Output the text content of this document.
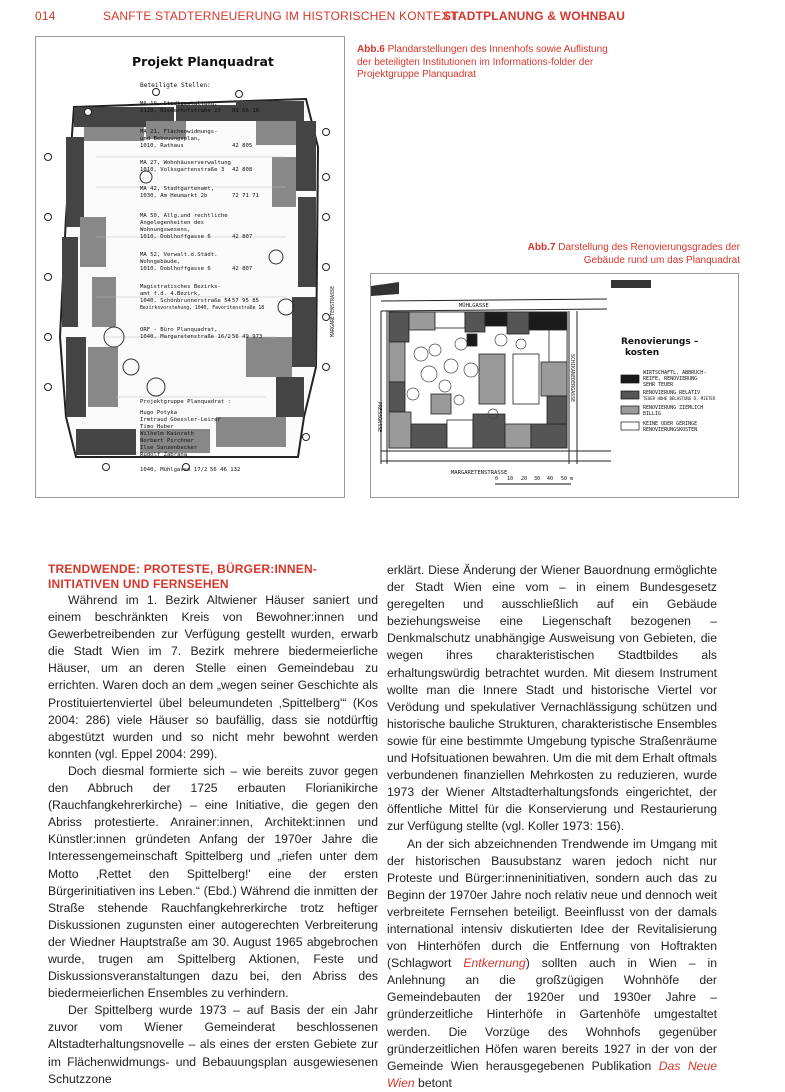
014	SANFTE STADTERNEUERUNG IM HISTORISCHEN KONTEXT
STADTPLANUNG & WOHNBAU
Projekt Planquadrat
Beteiligte Stellen:
MA 19, Stadtgestaltung,
1120, Niederhofstraße 23 83 66 16
MA 21, Flächenwidmungs-
und Bebauungsplan,
1010, Rathaus	42 805
MA 27, Wohnhäuserverwaltung
1010, Volksgartenstraße 3 42 808
MA 42, Stadtgartenamt,
1030, Am Heumarkt 2b	72 71 71
MA 50, Allg.und rechtliche
Angelegenheiten des
Wohnungswesens,
1010, Doblhoffgasse 6	42 807
MA 52, Verwalt.d.Städt.
Wohngebäude,
1010, Doblhoffgasse 6	42 807
Magistratisches Bezirks-
amt f.d. 4.Bezirk,
1040, Schönbrunnerstraße 54 57 95 85
Bezirksvorstehung, 1040, Favoritenstraße 18
ORF - Büro Planquadrat,
1040, Margaretenstraße 16/2 56 49 973
Projektgruppe Planquadrat :
Hugo Potyka
Irmtraud Göessler-Leirer
Timo Huber
Wilhelm Kainrath
Norbert Pirchner
Ilse Sanzenbecker
Rudolf Zabrana
1040, Mühlgasse 17/2 56 46 132
MARGARETENSTRASSE
Abb.6 Plandarstellungen des Innenhofs sowie Auflistung der beteiligten Institutionen im Informations-folder der Projektgruppe Planquadrat
Abb.7 Darstellung des Renovierungsgrades der Gebäude rund um das Planquadrat
MÜHLGASSE
MARGARETENSTRASSE
PRESSGASSE
SCHIKANEDERGASSE
0 10 20 30 40 50 m
Renovierungs –
kosten
WIRTSCHAFTL. ABBRUCH-
REIFE, RENOVIERUNG
SEHR TEUER
RENOVIERUNG RELATIV
TEUER HOHE BELASTUNG D. MIETER
RENOVIERUNG ZIEMLICH
BILLIG
KEINE ODER GERINGE
RENOVIERUNGSKOSTEN
TRENDWENDE: PROTESTE, BÜRGER:INNEN-INITIATIVEN UND FERNSEHEN

Während im 1. Bezirk Altwiener Häuser saniert und einem beschränkten Kreis von Bewohner:innen und Gewerbetreibenden zur Verfügung gestellt wurden, erwarb die Stadt Wien im 7. Bezirk mehrere biedermeierliche Häuser, um an deren Stelle einen Gemeindebau zu errichten. Waren doch an dem „wegen seiner Geschichte als Prostituiertenviertel übel beleumundeten ‚Spittelberg'“ (Kos 2004: 286) viele Häuser so baufällig, dass sie notdürftig abgestützt wurden und so nicht mehr bewohnt werden konnten (vgl. Eppel 2004: 299).

Doch diesmal formierte sich – wie bereits zuvor gegen den Abbruch der 1725 erbauten Florianikirche (Rauchfangkehrerkirche) – eine Initiative, die gegen den Abriss protestierte. Anrainer:innen, Architekt:innen und Künstler:innen gründeten Anfang der 1970er Jahre die Interessengemeinschaft Spittelberg und „riefen unter dem Motto ‚Rettet den Spittelberg!' eine der ersten Bürgerinitiativen ins Leben.“ (Ebd.) Während die inmitten der Straße stehende Rauchfangkehrerkirche trotz heftiger Diskussionen zugunsten einer autogerechten Verbreiterung der Wiedner Hauptstraße am 30. August 1965 abgebrochen wurde, trugen am Spittelberg Aktionen, Feste und Diskussionsveranstaltungen dazu bei, den Abriss des biedermeierlichen Ensembles zu verhindern.

Der Spittelberg wurde 1973 – auf Basis der ein Jahr zuvor vom Wiener Gemeinderat beschlossenen Altstadterhaltungsnovelle – als eines der ersten Gebiete zur im Flächenwidmungs- und Bebauungsplan ausgewiesenen Schutzzone

erklärt. Diese Änderung der Wiener Bauordnung ermöglichte der Stadt Wien eine vom – in einem Bundesgesetz geregelten und ausschließlich auf ein Gebäude beziehungsweise eine Liegenschaft bezogenen – Denkmalschutz unabhängige Ausweisung von Gebieten, die wegen ihres charakteristischen Stadtbildes als erhaltungswürdig betrachtet wurden. Mit diesem Instrument wollte man die Innere Stadt und historische Viertel vor Verödung und spekulativer Vernachlässigung schützen und historische bauliche Strukturen, charakteristische Ensembles sowie für eine bestimmte Umgebung typische Straßenräume und Hofsituationen bewahren. Um die mit dem Erhalt oftmals verbundenen finanziellen Mehrkosten zu reduzieren, wurde 1973 der Wiener Altstadterhaltungsfonds eingerichtet, der öffentliche Mittel für die Konservierung und Restaurierung zur Verfügung stellte (vgl. Koller 1973: 156).

An der sich abzeichnenden Trendwende im Umgang mit der historischen Bausubstanz waren jedoch nicht nur Proteste und Bürger:inneninitiativen, sondern auch das zu Beginn der 1970er Jahre noch relativ neue und dennoch weit verbreitete Fernsehen beteiligt. Beeinflusst von der damals international intensiv diskutierten Idee der Revitalisierung von Hinterhöfen durch die Entfernung von Hoftrakten (Schlagwort Entkernung) sollten auch in Wien – in Anlehnung an die großzügigen Wohnhöfe der Gemeindebauten der 1920er und 1930er Jahre – gründerzeitliche Hinterhöfe in Gartenhöfe umgestaltet werden. Die Vorzüge des Wohnhofs gegenüber gründerzeitlichen Höfen waren bereits 1927 in der von der Gemeinde Wien herausgegebenen Publikation Das Neue Wien betont
